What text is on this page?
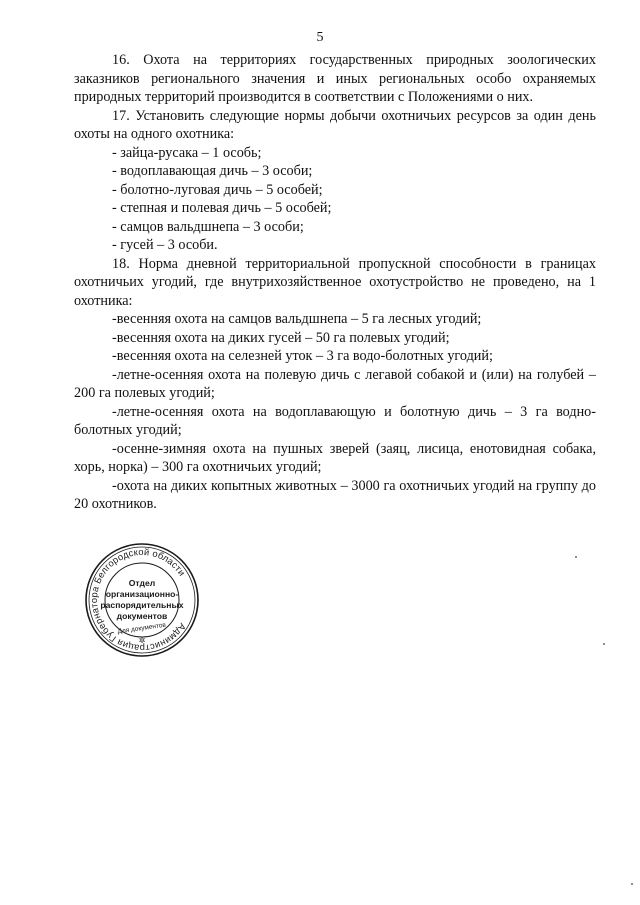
5

16. Охота на территориях государственных природных зоологических заказников регионального значения и иных региональных особо охраняемых природных территорий производится в соответствии с Положениями о них.

17. Установить следующие нормы добычи охотничьих ресурсов за один день охоты на одного охотника:

- зайца-русака – 1 особь;

- водоплавающая дичь – 3 особи;

- болотно-луговая дичь – 5 особей;

- степная и полевая дичь – 5 особей;

- самцов вальдшнепа – 3 особи;

- гусей – 3 особи.

18. Норма дневной территориальной пропускной способности в границах охотничьих угодий, где внутрихозяйственное охотустройство не проведено, на 1 охотника:

-весенняя охота на самцов вальдшнепа – 5 га лесных угодий;

-весенняя охота на диких гусей – 50 га полевых угодий;

-весенняя охота на селезней уток – 3 га водо-болотных угодий;

-летне-осенняя охота на полевую дичь с легавой собакой и (или) на голубей – 200 га полевых угодий;

-летне-осенняя охота на водоплавающую и болотную дичь – 3 га водно-болотных угодий;

-осенне-зимняя охота на пушных зверей (заяц, лисица, енотовидная собака, хорь, норка) – 300 га охотничьих угодий;

-охота на диких копытных животных – 3000 га охотничьих угодий на группу до 20 охотников.

Администрация Губернатора Белгородской области
Отдел
организационно-
распорядительных
документов
Для документов
✲
